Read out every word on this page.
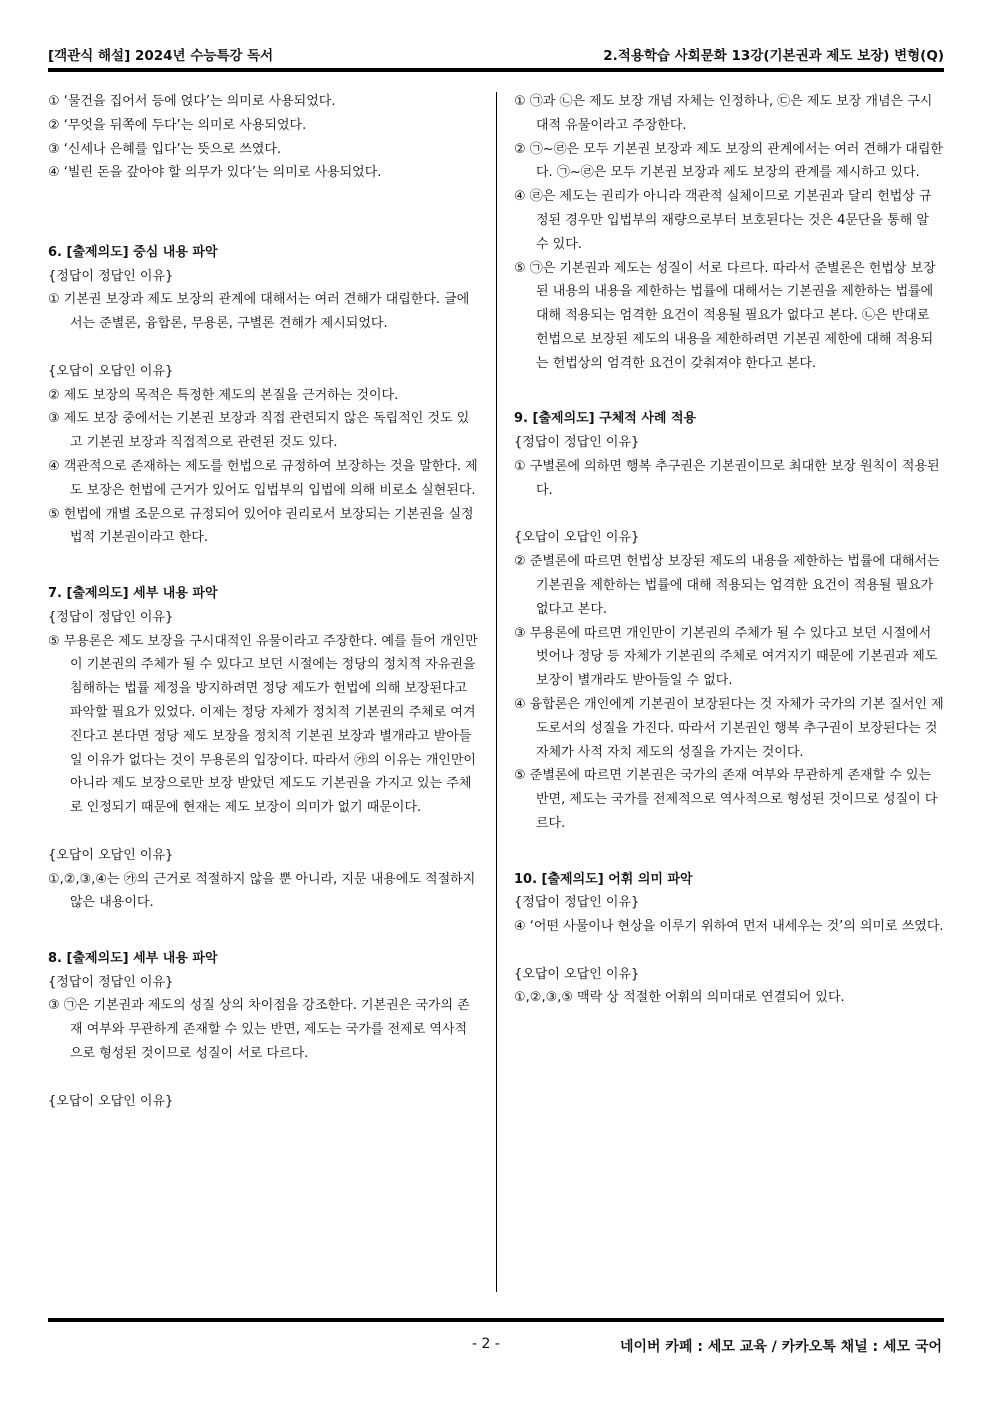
[객관식 해설] 2024년 수능특강 독서	2.적용학습 사회문화 13강(기본권과 제도 보장) 변형(Q)

① ‘물건을 집어서 등에 얹다’는 의미로 사용되었다.

② ‘무엇을 뒤쪽에 두다’는 의미로 사용되었다.

③ ‘신세나 은혜를 입다’는 뜻으로 쓰였다.

④ ‘빌린 돈을 갚아야 할 의무가 있다’는 의미로 사용되었다.

6. [출제의도] 중심 내용 파악

{정답이 정답인 이유}

① 기본권 보장과 제도 보장의 관계에 대해서는 여러 견해가 대립한다. 글에서는 준별론, 융합론, 무용론, 구별론 견해가 제시되었다.

{오답이 오답인 이유}

② 제도 보장의 목적은 특정한 제도의 본질을 근거하는 것이다.

③ 제도 보장 중에서는 기본권 보장과 직접 관련되지 않은 독립적인 것도 있고 기본권 보장과 직접적으로 관련된 것도 있다.

④ 객관적으로 존재하는 제도를 헌법으로 규정하여 보장하는 것을 말한다. 제도 보장은 헌법에 근거가 있어도 입법부의 입법에 의해 비로소 실현된다.

⑤ 헌법에 개별 조문으로 규정되어 있어야 권리로서 보장되는 기본권을 실정법적 기본권이라고 한다.

7. [출제의도] 세부 내용 파악

{정답이 정답인 이유}

⑤ 무용론은 제도 보장을 구시대적인 유물이라고 주장한다. 예를 들어 개인만이 기본권의 주체가 될 수 있다고 보던 시절에는 정당의 정치적 자유권을 침해하는 법률 제정을 방지하려면 정당 제도가 헌법에 의해 보장된다고 파악할 필요가 있었다. 이제는 정당 자체가 정치적 기본권의 주체로 여겨진다고 본다면 정당 제도 보장을 정치적 기본권 보장과 별개라고 받아들일 이유가 없다는 것이 무용론의 입장이다. 따라서 ㉮의 이유는 개인만이 아니라 제도 보장으로만 보장 받았던 제도도 기본권을 가지고 있는 주체로 인정되기 때문에 현재는 제도 보장이 의미가 없기 때문이다.

{오답이 오답인 이유}

①,②,③,④는 ㉮의 근거로 적절하지 않을 뿐 아니라, 지문 내용에도 적절하지 않은 내용이다.

8. [출제의도] 세부 내용 파악

{정답이 정답인 이유}

③ ㉠은 기본권과 제도의 성질 상의 차이점을 강조한다. 기본권은 국가의 존재 여부와 무관하게 존재할 수 있는 반면, 제도는 국가를 전제로 역사적으로 형성된 것이므로 성질이 서로 다르다.

{오답이 오답인 이유}

① ㉠과 ㉡은 제도 보장 개념 자체는 인정하나, ㉢은 제도 보장 개념은 구시대적 유물이라고 주장한다.

② ㉠~㉣은 모두 기본권 보장과 제도 보장의 관계에서는 여러 견해가 대립한다. ㉠~㉣은 모두 기본권 보장과 제도 보장의 관계를 제시하고 있다.

④ ㉣은 제도는 권리가 아니라 객관적 실체이므로 기본권과 달리 헌법상 규정된 경우만 입법부의 재량으로부터 보호된다는 것은 4문단을 통해 알 수 있다.

⑤ ㉠은 기본권과 제도는 성질이 서로 다르다. 따라서 준별론은 헌법상 보장된 내용의 내용을 제한하는 법률에 대해서는 기본권을 제한하는 법률에 대해 적용되는 엄격한 요건이 적용될 필요가 없다고 본다. ㉡은 반대로 헌법으로 보장된 제도의 내용을 제한하려면 기본권 제한에 대해 적용되는 헌법상의 엄격한 요건이 갖춰져야 한다고 본다.

9. [출제의도] 구체적 사례 적용

{정답이 정답인 이유}

① 구별론에 의하면 행복 추구권은 기본권이므로 최대한 보장 원칙이 적용된다.

{오답이 오답인 이유}

② 준별론에 따르면 헌법상 보장된 제도의 내용을 제한하는 법률에 대해서는 기본권을 제한하는 법률에 대해 적용되는 엄격한 요건이 적용될 필요가 없다고 본다.

③ 무용론에 따르면 개인만이 기본권의 주체가 될 수 있다고 보던 시절에서 벗어나 정당 등 자체가 기본권의 주체로 여겨지기 때문에 기본권과 제도 보장이 별개라도 받아들일 수 없다.

④ 융합론은 개인에게 기본권이 보장된다는 것 자체가 국가의 기본 질서인 제도로서의 성질을 가진다. 따라서 기본권인 행복 추구권이 보장된다는 것 자체가 사적 자치 제도의 성질을 가지는 것이다.

⑤ 준별론에 따르면 기본권은 국가의 존재 여부와 무관하게 존재할 수 있는 반면, 제도는 국가를 전제적으로 역사적으로 형성된 것이므로 성질이 다르다.

10. [출제의도] 어휘 의미 파악

{정답이 정답인 이유}

④ ‘어떤 사물이나 현상을 이루기 위하여 먼저 내세우는 것’의 의미로 쓰였다.

{오답이 오답인 이유}

①,②,③,⑤ 맥락 상 적절한 어휘의 의미대로 연결되어 있다.

- 2 -	네이버 카페 : 세모 교육 / 카카오톡 채널 : 세모 국어
